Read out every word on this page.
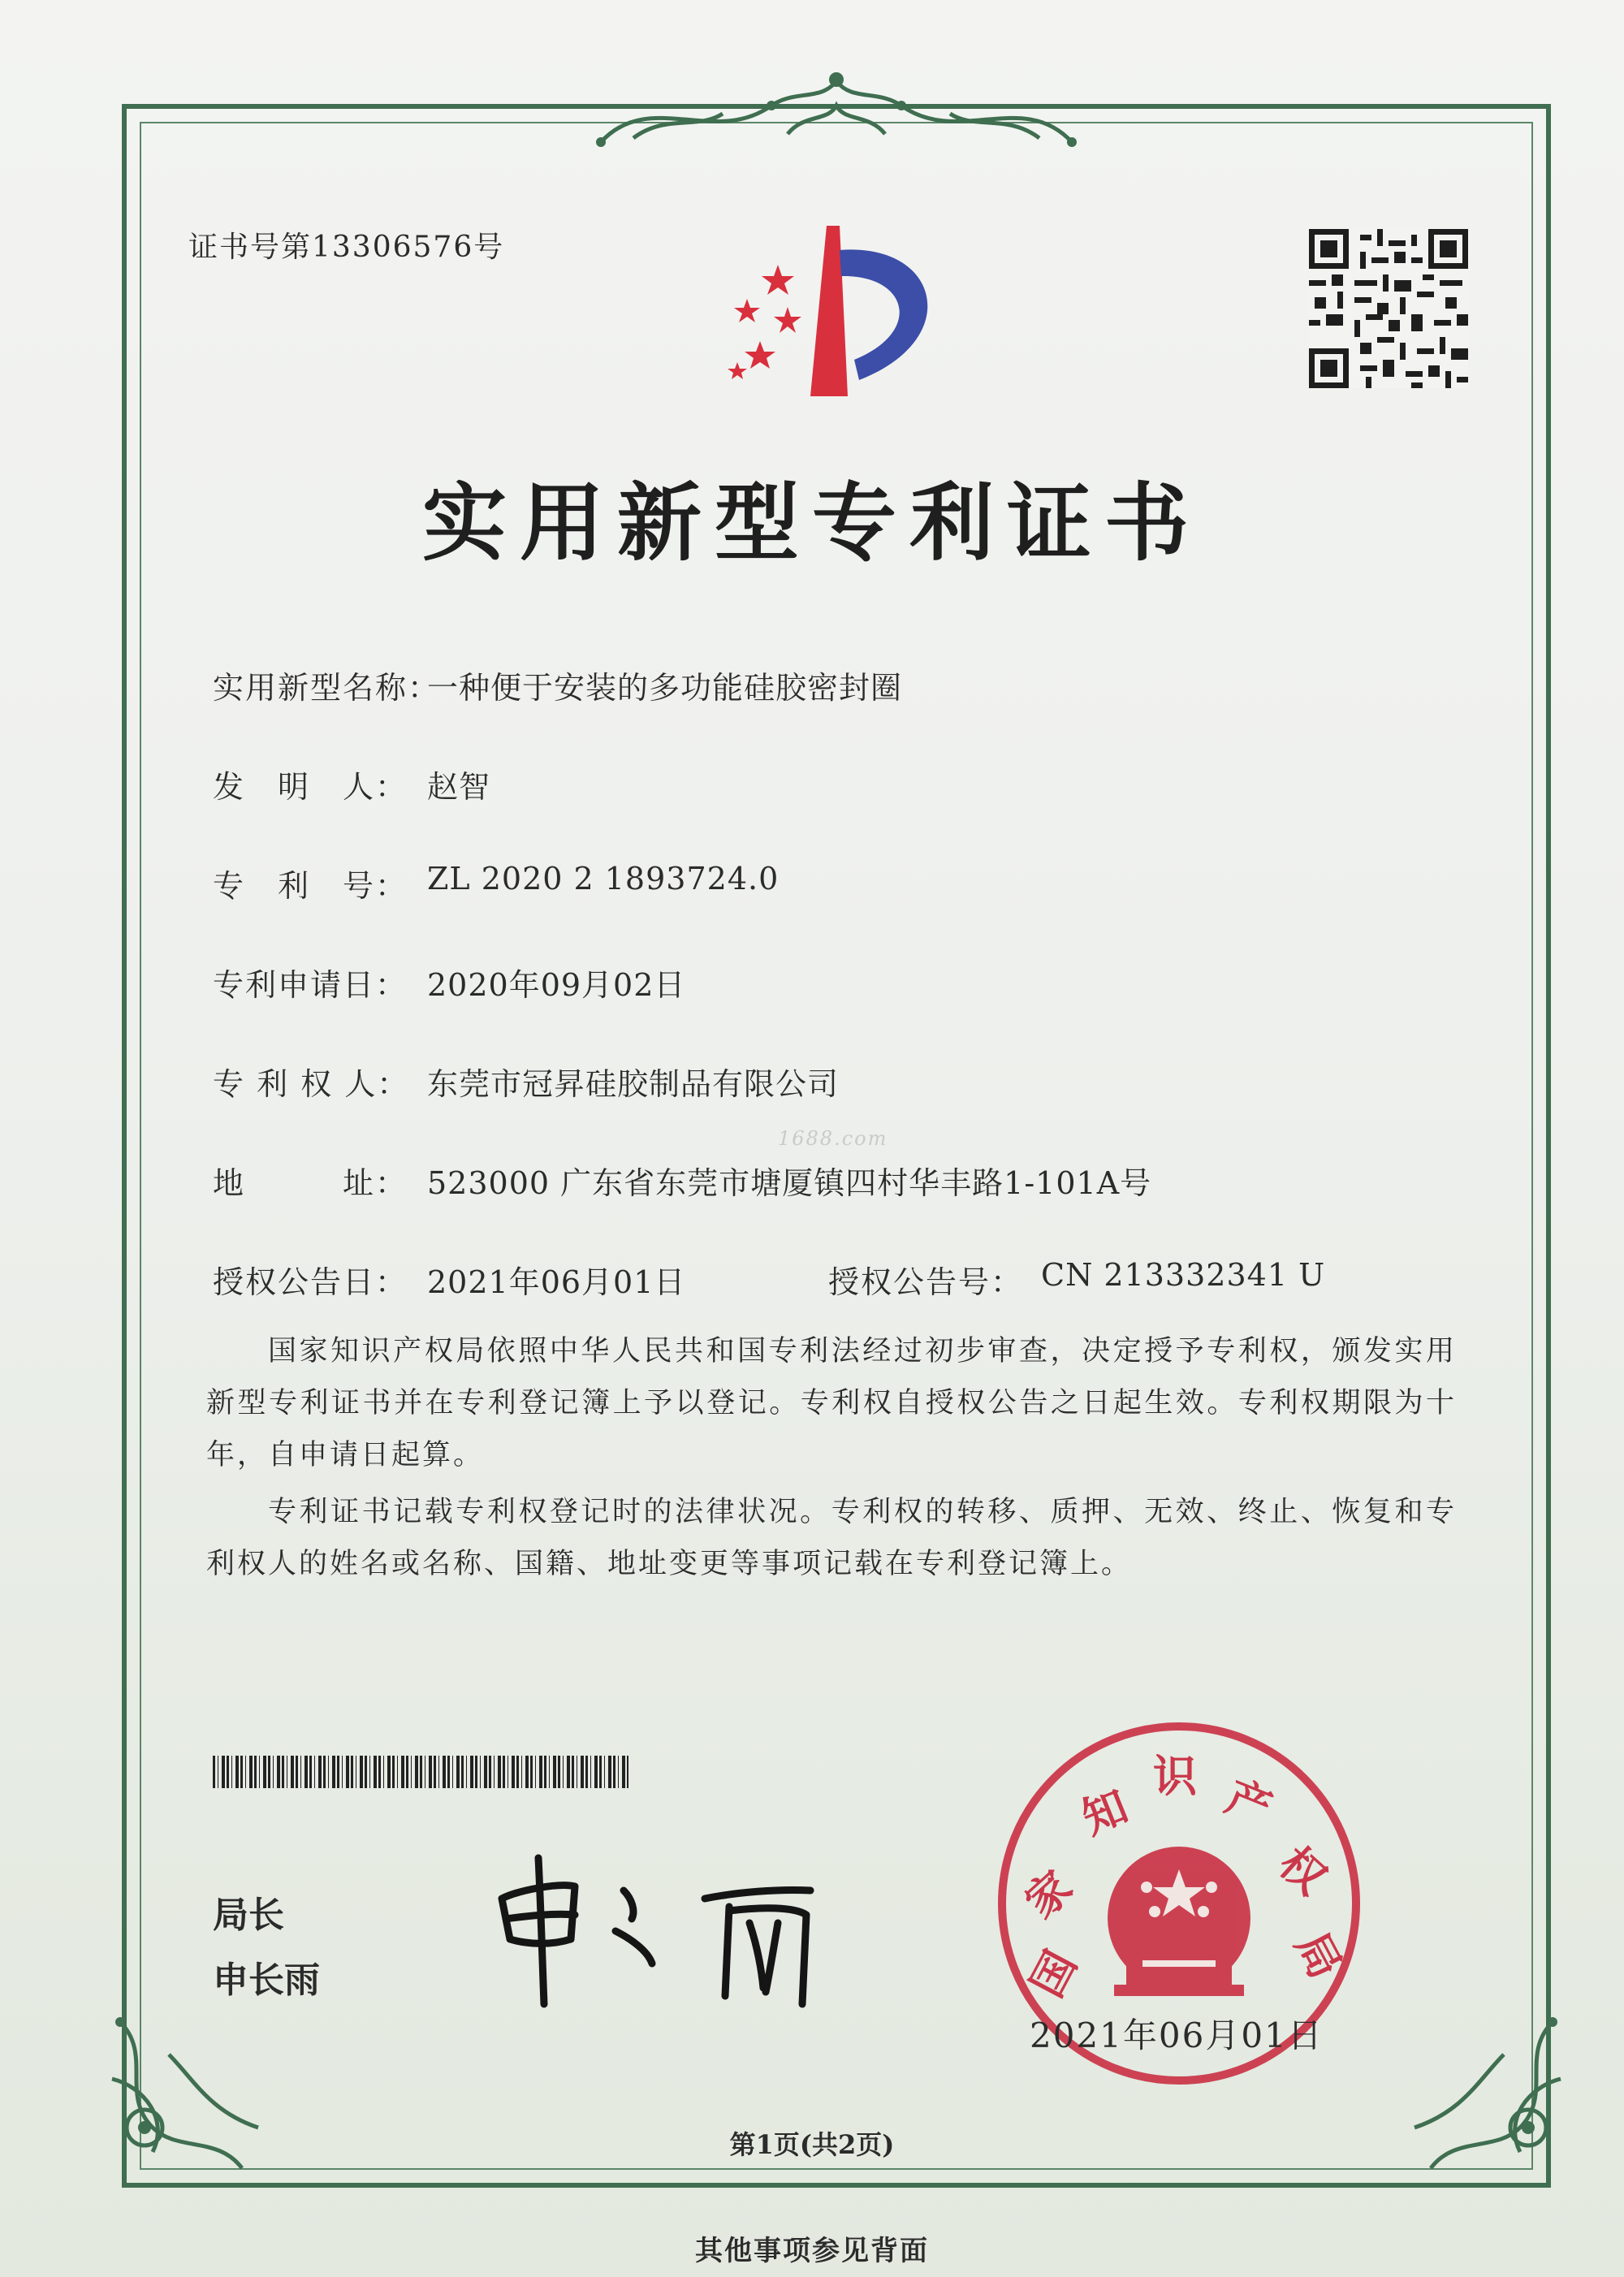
证书号第13306576号
实用新型专利证书
实用新型名称：
一种便于安装的多功能硅胶密封圈
发　明　人： 赵智
专　利　号： ZL 2020 2 1893724.0
专利申请日： 2020年09月02日
专 利 权 人： 东莞市冠昇硅胶制品有限公司
1688.com
地　　　址： 523000 广东省东莞市塘厦镇四村华丰路1-101A号
授权公告日： 2021年06月01日	授权公告号： CN 213332341 U
国家知识产权局依照中华人民共和国专利法经过初步审查，决定授予专利权，颁发实用新型专利证书并在专利登记簿上予以登记。专利权自授权公告之日起生效。专利权期限为十年，自申请日起算。
专利证书记载专利权登记时的法律状况。专利权的转移、质押、无效、终止、恢复和专利权人的姓名或名称、国籍、地址变更等事项记载在专利登记簿上。
局长
申长雨	国
家
知
识 产
权
局
2021年06月01日
第1页(共2页)
其他事项参见背面
